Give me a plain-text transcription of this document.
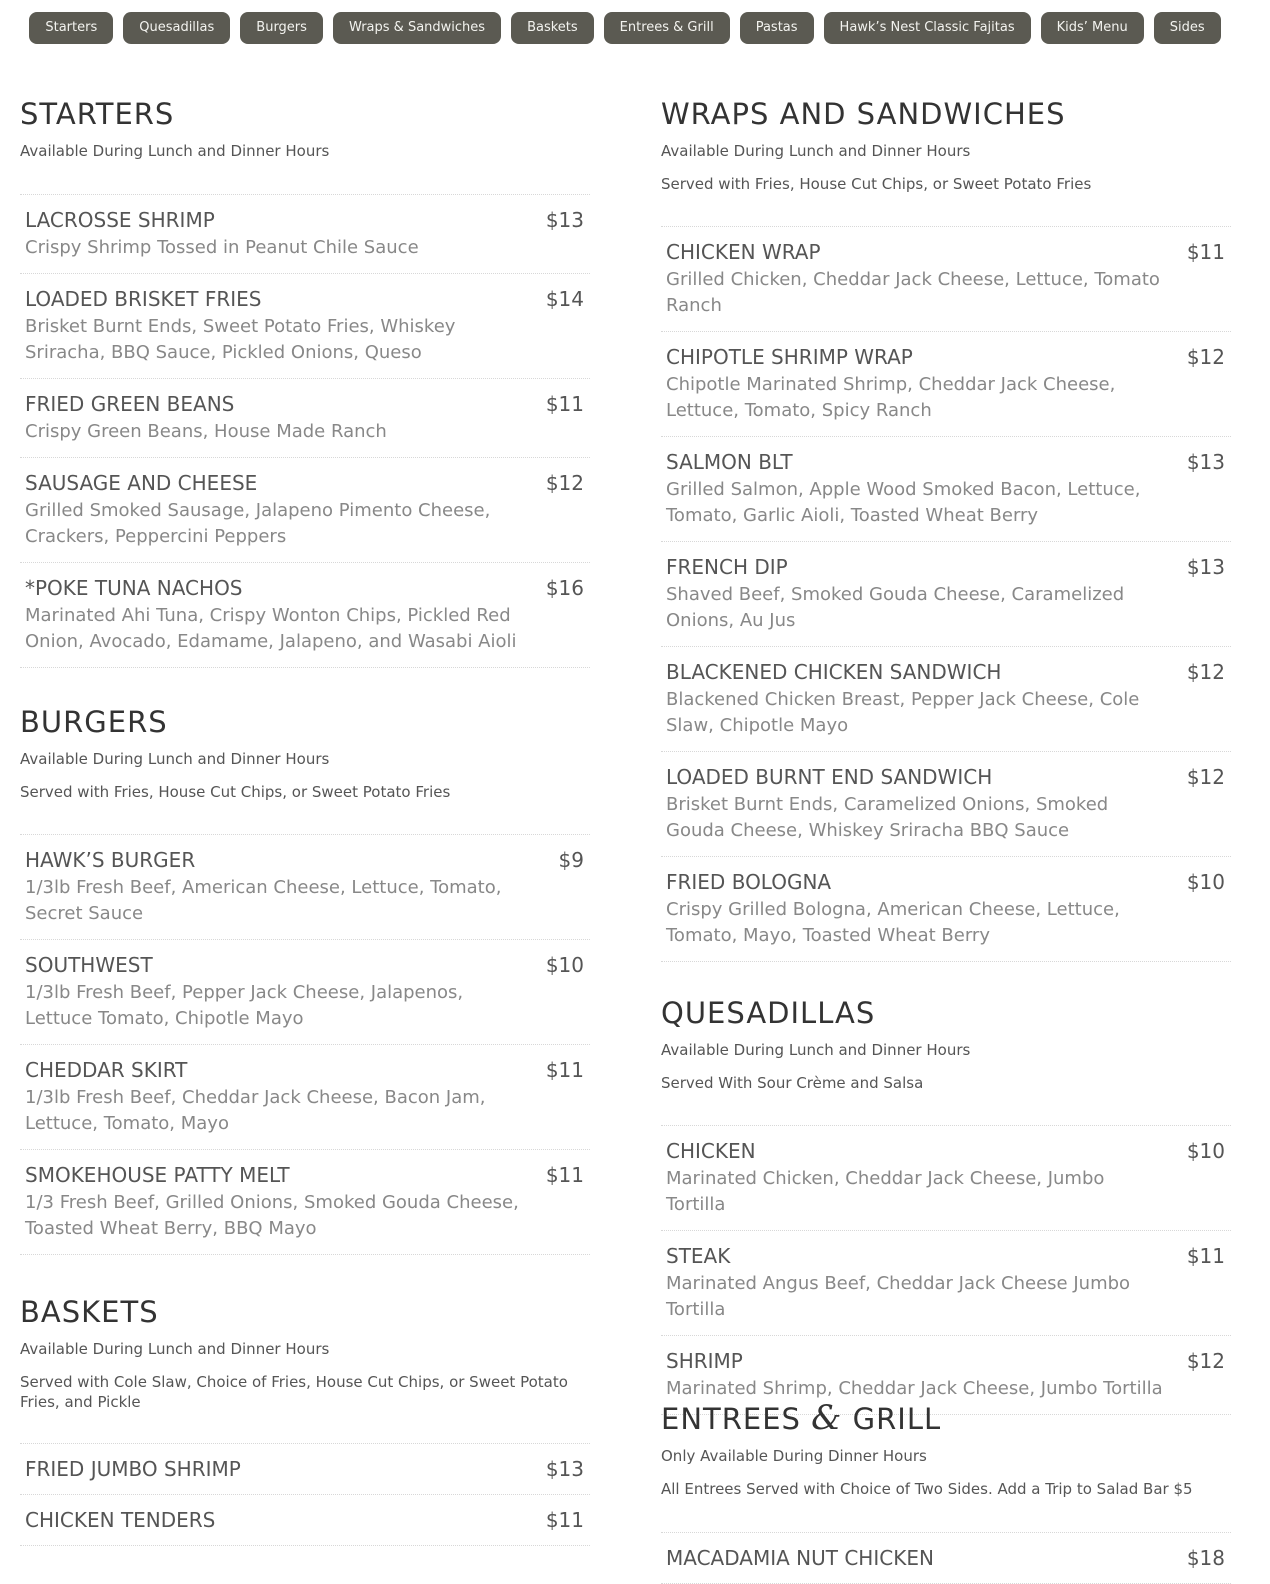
Starters	Quesadillas	Burgers	Wraps & Sandwiches	Baskets	Entrees & Grill	Pastas	Hawk’s Nest Classic Fajitas	Kids’ Menu	Sides
STARTERS
Available During Lunch and Dinner Hours
LACROSSE SHRIMP	$13
Crispy Shrimp Tossed in Peanut Chile Sauce
LOADED BRISKET FRIES	$14
Brisket Burnt Ends, Sweet Potato Fries, Whiskey Sriracha, BBQ Sauce, Pickled Onions, Queso
FRIED GREEN BEANS	$11
Crispy Green Beans, House Made Ranch
SAUSAGE AND CHEESE	$12
Grilled Smoked Sausage, Jalapeno Pimento Cheese, Crackers, Peppercini Peppers
*POKE TUNA NACHOS	$16
Marinated Ahi Tuna, Crispy Wonton Chips, Pickled Red Onion, Avocado, Edamame, Jalapeno, and Wasabi Aioli
BURGERS
Available During Lunch and Dinner Hours
Served with Fries, House Cut Chips, or Sweet Potato Fries
HAWK’S BURGER	$9
1/3lb Fresh Beef, American Cheese, Lettuce, Tomato, Secret Sauce
SOUTHWEST	$10
1/3lb Fresh Beef, Pepper Jack Cheese, Jalapenos, Lettuce Tomato, Chipotle Mayo
CHEDDAR SKIRT	$11
1/3lb Fresh Beef, Cheddar Jack Cheese, Bacon Jam, Lettuce, Tomato, Mayo
SMOKEHOUSE PATTY MELT	$11
1/3 Fresh Beef, Grilled Onions, Smoked Gouda Cheese, Toasted Wheat Berry, BBQ Mayo
BASKETS
Available During Lunch and Dinner Hours
Served with Cole Slaw, Choice of Fries, House Cut Chips, or Sweet Potato Fries, and Pickle
FRIED JUMBO SHRIMP	$13
CHICKEN TENDERS	$11
WRAPS AND SANDWICHES
Available During Lunch and Dinner Hours
Served with Fries, House Cut Chips, or Sweet Potato Fries
CHICKEN WRAP	$11
Grilled Chicken, Cheddar Jack Cheese, Lettuce, Tomato Ranch
CHIPOTLE SHRIMP WRAP	$12
Chipotle Marinated Shrimp, Cheddar Jack Cheese, Lettuce, Tomato, Spicy Ranch
SALMON BLT	$13
Grilled Salmon, Apple Wood Smoked Bacon, Lettuce, Tomato, Garlic Aioli, Toasted Wheat Berry
FRENCH DIP	$13
Shaved Beef, Smoked Gouda Cheese, Caramelized Onions, Au Jus
BLACKENED CHICKEN SANDWICH	$12
Blackened Chicken Breast, Pepper Jack Cheese, Cole Slaw, Chipotle Mayo
LOADED BURNT END SANDWICH	$12
Brisket Burnt Ends, Caramelized Onions, Smoked Gouda Cheese, Whiskey Sriracha BBQ Sauce
FRIED BOLOGNA	$10
Crispy Grilled Bologna, American Cheese, Lettuce, Tomato, Mayo, Toasted Wheat Berry
QUESADILLAS
Available During Lunch and Dinner Hours
Served With Sour Crème and Salsa
CHICKEN	$10
Marinated Chicken, Cheddar Jack Cheese, Jumbo Tortilla
STEAK	$11
Marinated Angus Beef, Cheddar Jack Cheese Jumbo Tortilla
SHRIMP	$12
Marinated Shrimp, Cheddar Jack Cheese, Jumbo Tortilla
ENTREES & GRILL
Only Available During Dinner Hours
All Entrees Served with Choice of Two Sides. Add a Trip to Salad Bar $5
MACADAMIA NUT CHICKEN	$18
